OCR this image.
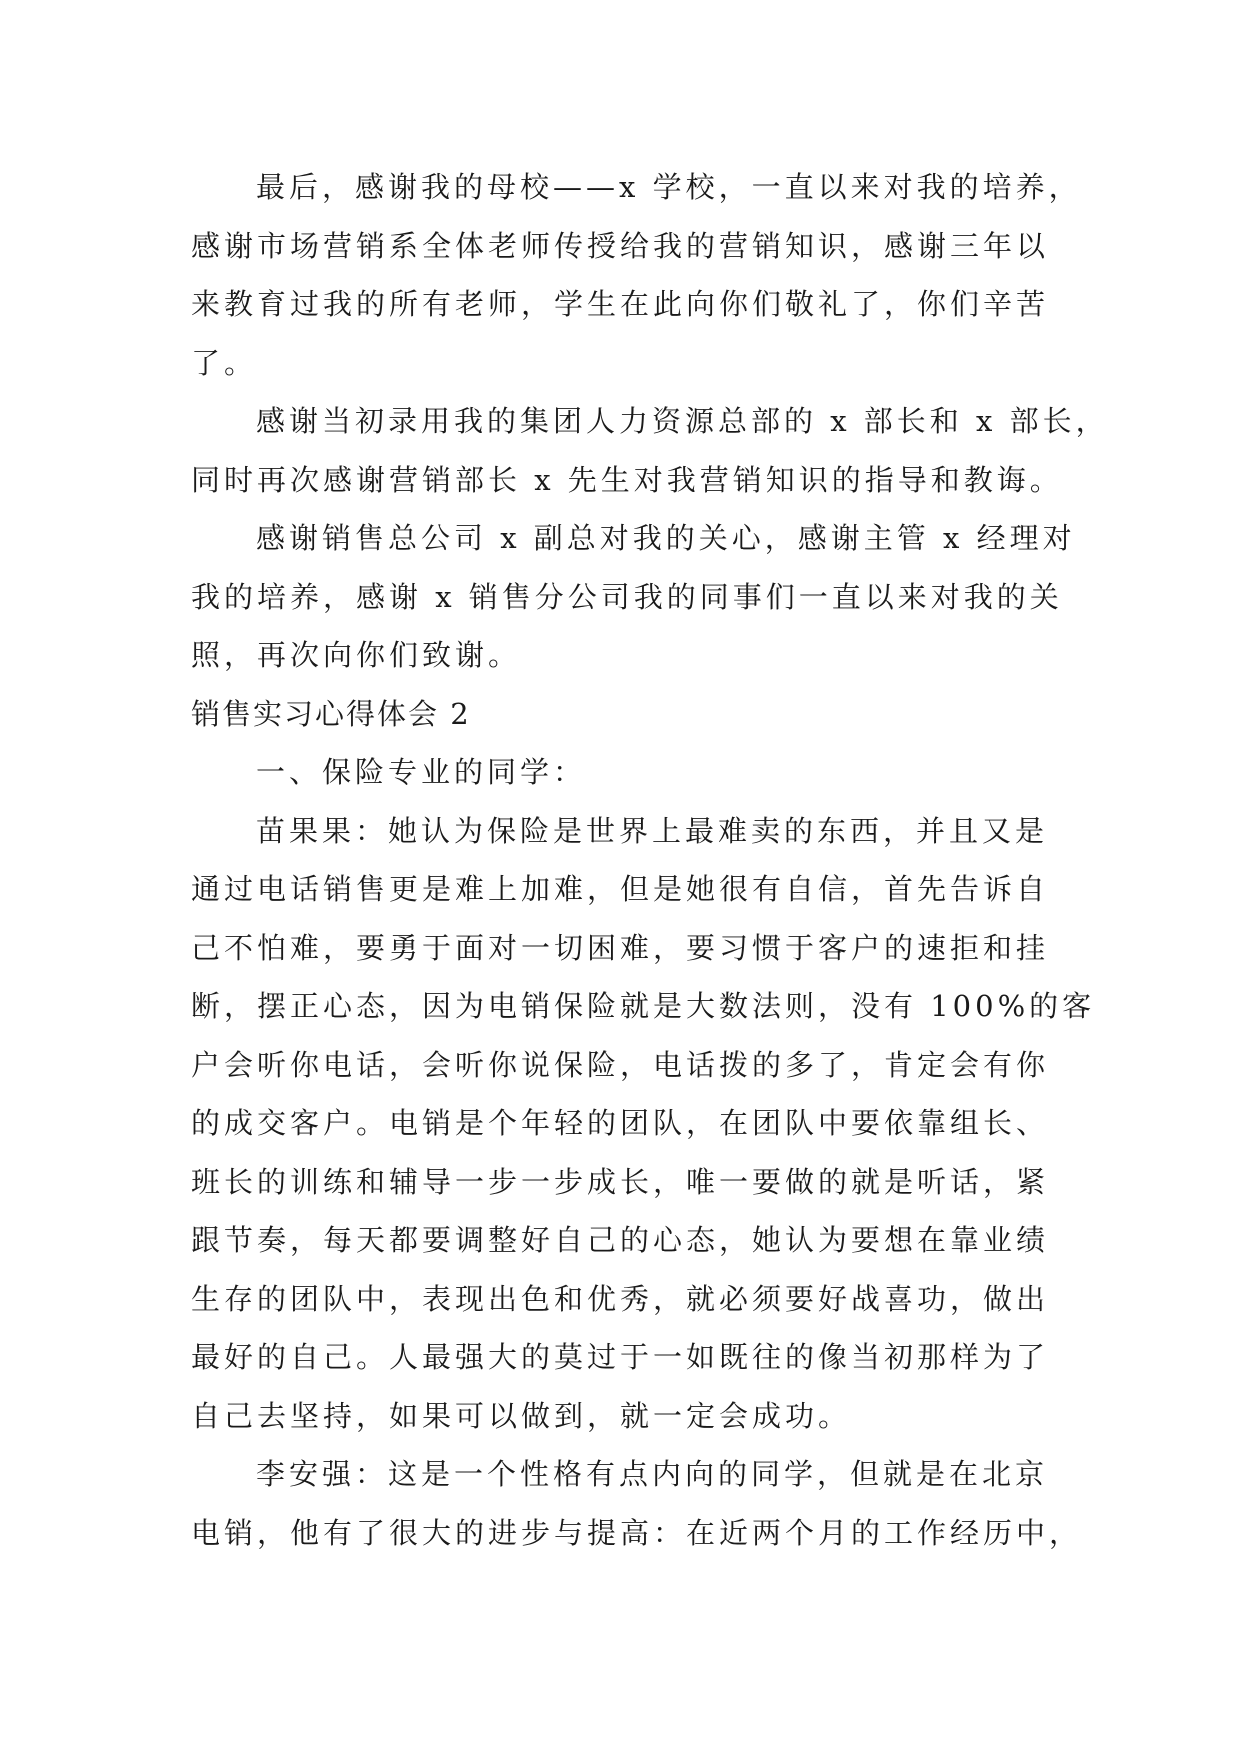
最后，感谢我的母校——x 学校，一直以来对我的培养，
感谢市场营销系全体老师传授给我的营销知识，感谢三年以
来教育过我的所有老师，学生在此向你们敬礼了，你们辛苦
了。
感谢当初录用我的集团人力资源总部的 x 部长和 x 部长，
同时再次感谢营销部长 x 先生对我营销知识的指导和教诲。
感谢销售总公司 x 副总对我的关心，感谢主管 x 经理对
我的培养，感谢 x 销售分公司我的同事们一直以来对我的关
照，再次向你们致谢。
销售实习心得体会 2
一、保险专业的同学：
苗果果：她认为保险是世界上最难卖的东西，并且又是
通过电话销售更是难上加难，但是她很有自信，首先告诉自
己不怕难，要勇于面对一切困难，要习惯于客户的速拒和挂
断，摆正心态，因为电销保险就是大数法则，没有 100%的客
户会听你电话，会听你说保险，电话拨的多了，肯定会有你
的成交客户。电销是个年轻的团队，在团队中要依靠组长、
班长的训练和辅导一步一步成长，唯一要做的就是听话，紧
跟节奏，每天都要调整好自己的心态，她认为要想在靠业绩
生存的团队中，表现出色和优秀，就必须要好战喜功，做出
最好的自己。人最强大的莫过于一如既往的像当初那样为了
自己去坚持，如果可以做到，就一定会成功。
李安强：这是一个性格有点内向的同学，但就是在北京
电销，他有了很大的进步与提高：在近两个月的工作经历中，
